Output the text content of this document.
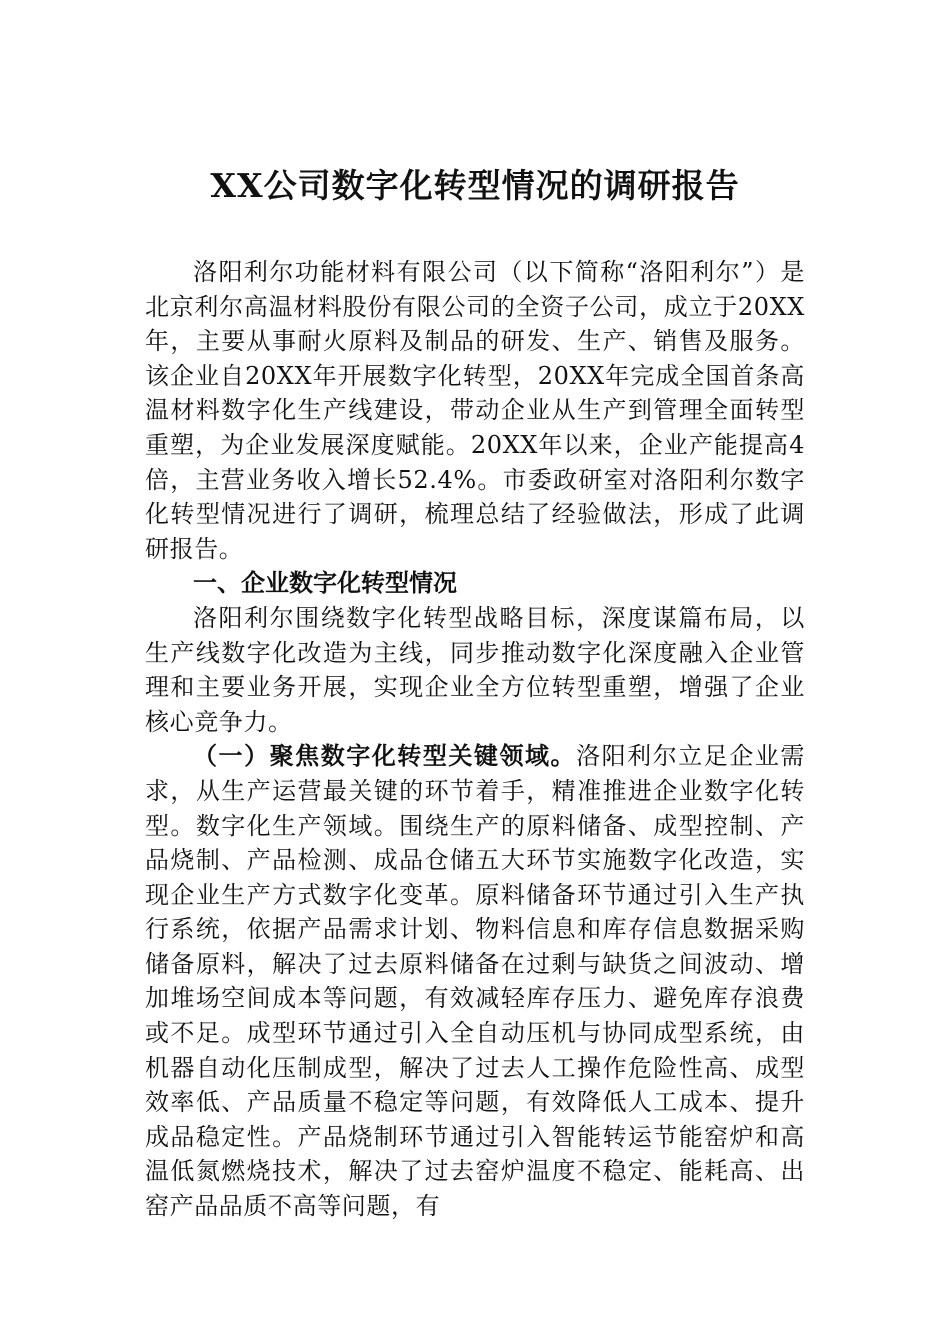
XX公司数字化转型情况的调研报告

洛阳利尔功能材料有限公司（以下简称“洛阳利尔”）是北京利尔高温材料股份有限公司的全资子公司，成立于20XX年，主要从事耐火原料及制品的研发、生产、销售及服务。该企业自20XX年开展数字化转型，20XX年完成全国首条高温材料数字化生产线建设，带动企业从生产到管理全面转型重塑，为企业发展深度赋能。20XX年以来，企业产能提高4倍，主营业务收入增长52.4%。市委政研室对洛阳利尔数字化转型情况进行了调研，梳理总结了经验做法，形成了此调研报告。

一、企业数字化转型情况

洛阳利尔围绕数字化转型战略目标，深度谋篇布局，以生产线数字化改造为主线，同步推动数字化深度融入企业管理和主要业务开展，实现企业全方位转型重塑，增强了企业核心竞争力。

（一）聚焦数字化转型关键领域。洛阳利尔立足企业需求，从生产运营最关键的环节着手，精准推进企业数字化转型。数字化生产领域。围绕生产的原料储备、成型控制、产品烧制、产品检测、成品仓储五大环节实施数字化改造，实现企业生产方式数字化变革。原料储备环节通过引入生产执行系统，依据产品需求计划、物料信息和库存信息数据采购储备原料，解决了过去原料储备在过剩与缺货之间波动、增加堆场空间成本等问题，有效减轻库存压力、避免库存浪费或不足。成型环节通过引入全自动压机与协同成型系统，由机器自动化压制成型，解决了过去人工操作危险性高、成型效率低、产品质量不稳定等问题，有效降低人工成本、提升成品稳定性。产品烧制环节通过引入智能转运节能窑炉和高温低氮燃烧技术，解决了过去窑炉温度不稳定、能耗高、出窑产品品质不高等问题，有
